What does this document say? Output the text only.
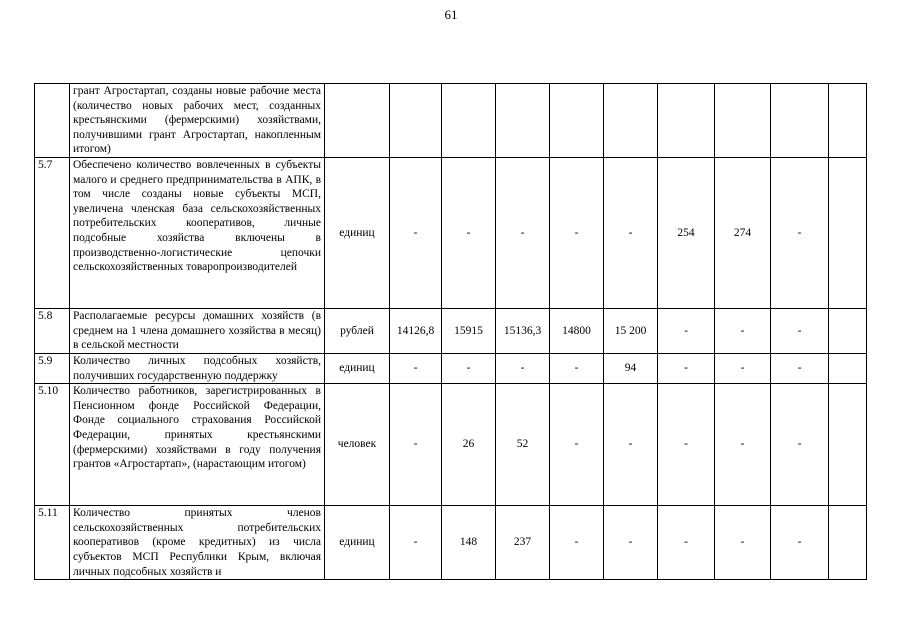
61
	грант Агростартап, созданы новые рабочие места (количество новых рабочих мест, созданных крестьянскими (фермерскими) хозяйствами, получившими грант Агростартап, накопленным итогом)										
5.7	Обеспечено количество вовлеченных в субъекты малого и среднего предпринимательства в АПК, в том числе созданы новые субъекты МСП, увеличена членская база сельскохозяйственных потребительских кооперативов, личные подсобные хозяйства включены в производственно-логистические цепочки сельскохозяйственных товаропроизводителей	единиц	-	-	-	-	-	254	274	-	
5.8	Располагаемые ресурсы домашних хозяйств (в среднем на 1 члена домашнего хозяйства в месяц) в сельской местности	рублей	14126,8	15915	15136,3	14800	15 200	-	-	-	
5.9	Количество личных подсобных хозяйств, получивших государственную поддержку	единиц	-	-	-	-	94	-	-	-	
5.10	Количество работников, зарегистрированных в Пенсионном фонде Российской Федерации, Фонде социального страхования Российской Федерации, принятых крестьянскими (фермерскими) хозяйствами в году получения грантов «Агростартап», (нарастающим итогом)	человек	-	26	52	-	-	-	-	-	
5.11	Количество принятых членов сельскохозяйственных потребительских кооперативов (кроме кредитных) из числа субъектов МСП Республики Крым, включая личных подсобных хозяйств и	единиц	-	148	237	-	-	-	-	-	
